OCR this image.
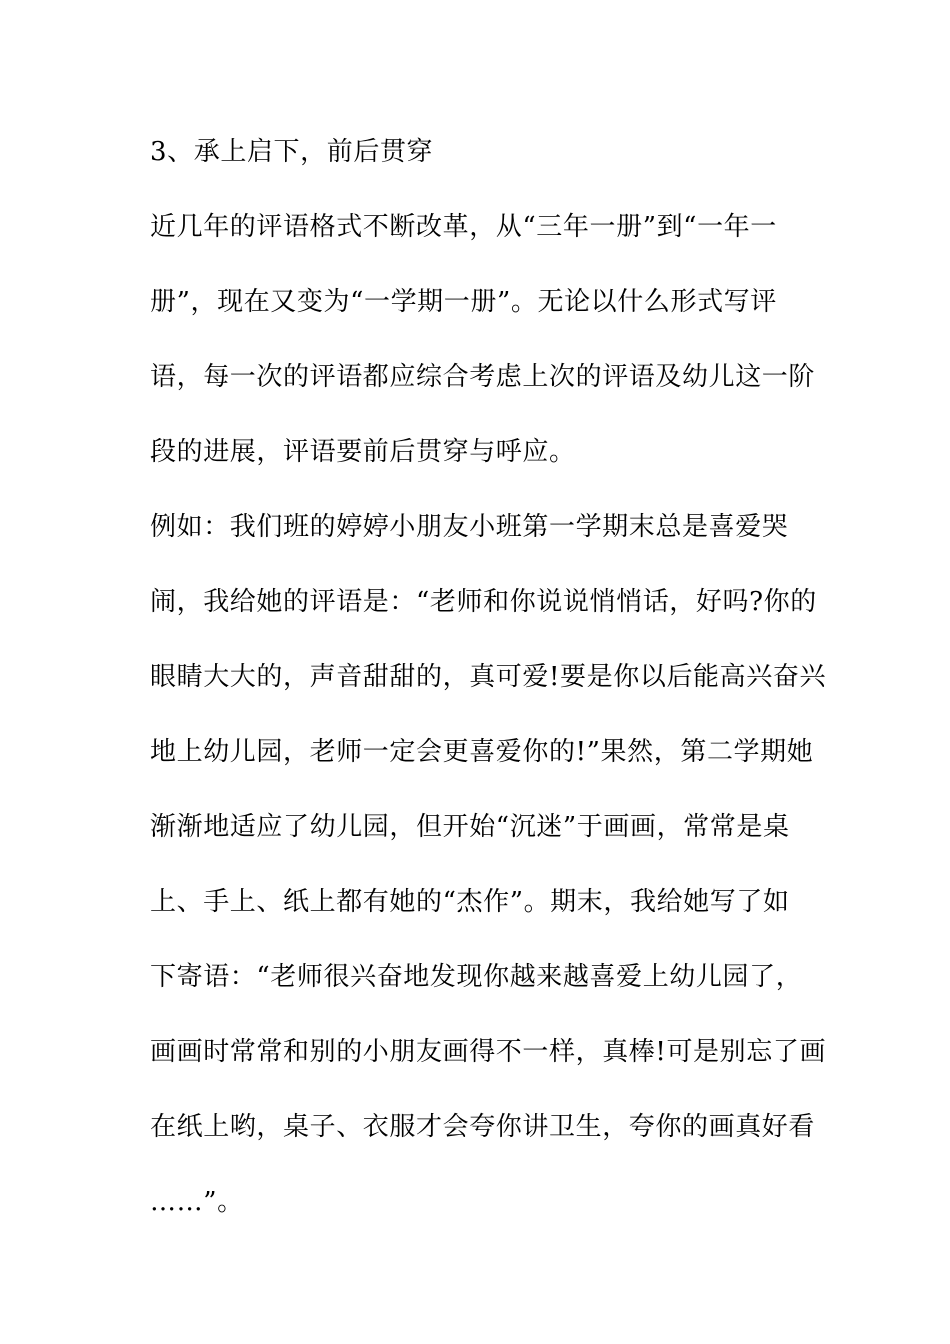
3、承上启下，前后贯穿
近几年的评语格式不断改革，从“三年一册”到“一年一
册”，现在又变为“一学期一册”。无论以什么形式写评
语，每一次的评语都应综合考虑上次的评语及幼儿这一阶
段的进展，评语要前后贯穿与呼应。
例如：我们班的婷婷小朋友小班第一学期末总是喜爱哭
闹，我给她的评语是：“老师和你说说悄悄话，好吗?你的
眼睛大大的，声音甜甜的，真可爱!要是你以后能高兴奋兴
地上幼儿园，老师一定会更喜爱你的!”果然，第二学期她
渐渐地适应了幼儿园，但开始“沉迷”于画画，常常是桌
上、手上、纸上都有她的“杰作”。期末，我给她写了如
下寄语：“老师很兴奋地发现你越来越喜爱上幼儿园了，
画画时常常和别的小朋友画得不一样，真棒!可是别忘了画
在纸上哟，桌子、衣服才会夸你讲卫生，夸你的画真好看
……”。
